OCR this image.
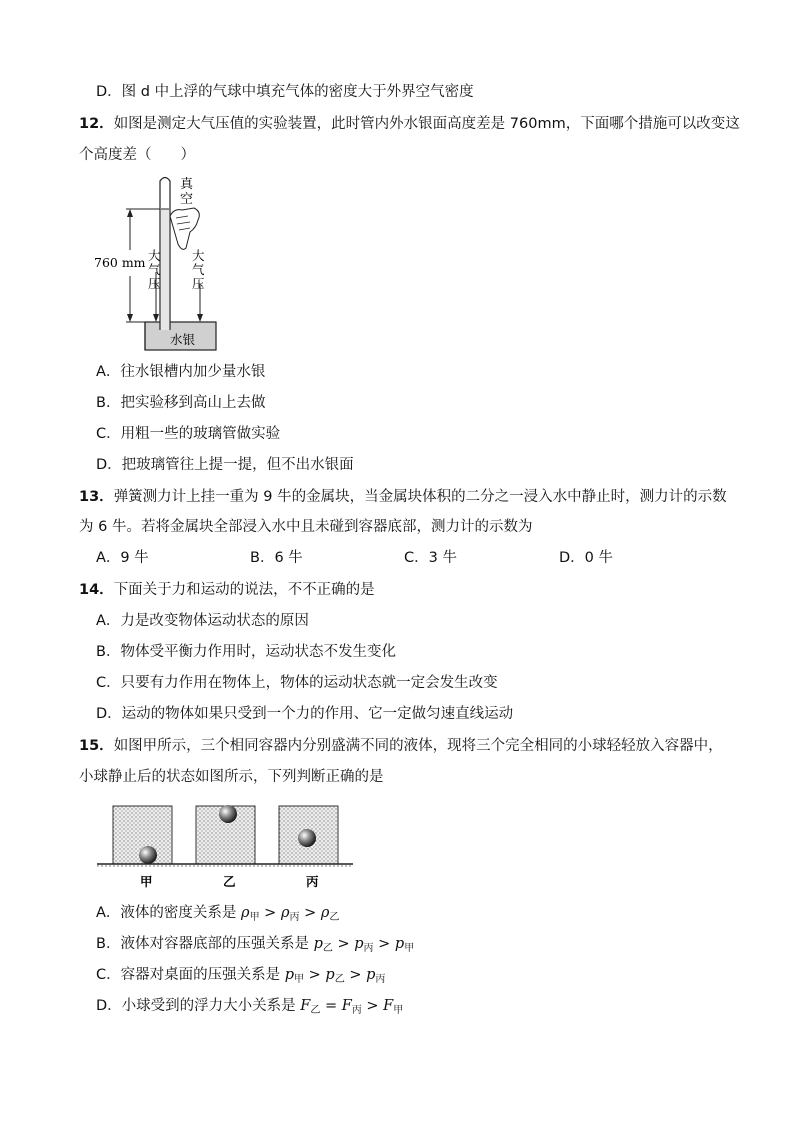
D．图 d 中上浮的气球中填充气体的密度大于外界空气密度
12．如图是测定大气压值的实验装置，此时管内外水银面高度差是 760mm，下面哪个措施可以改变这
个高度差（　　）
真
空
760 mm 大
气
压
大
气
压
水银
A．往水银槽内加少量水银
B．把实验移到高山上去做
C．用粗一些的玻璃管做实验
D．把玻璃管往上提一提，但不出水银面
13．弹簧测力计上挂一重为 9 牛的金属块，当金属块体积的二分之一浸入水中静止时，测力计的示数
为 6 牛。若将金属块全部浸入水中且未碰到容器底部，测力计的示数为
A．9 牛	B．6 牛	C．3 牛	D．0 牛
14．下面关于力和运动的说法，不不正确的是
A．力是改变物体运动状态的原因
B．物体受平衡力作用时，运动状态不发生变化
C．只要有力作用在物体上，物体的运动状态就一定会发生改变
D．运动的物体如果只受到一个力的作用、它一定做匀速直线运动
15．如图甲所示，三个相同容器内分别盛满不同的液体，现将三个完全相同的小球轻轻放入容器中，
小球静止后的状态如图所示，下列判断正确的是
甲	乙	丙
A．液体的密度关系是 $\rho_甲 > \rho_丙 > \rho_乙$
B．液体对容器底部的压强关系是 $p_乙 > p_丙 > p_甲$
C．容器对桌面的压强关系是 $p_甲 > p_乙 > p_丙$
D．小球受到的浮力大小关系是 $F_乙 = F_丙 > F_甲$
